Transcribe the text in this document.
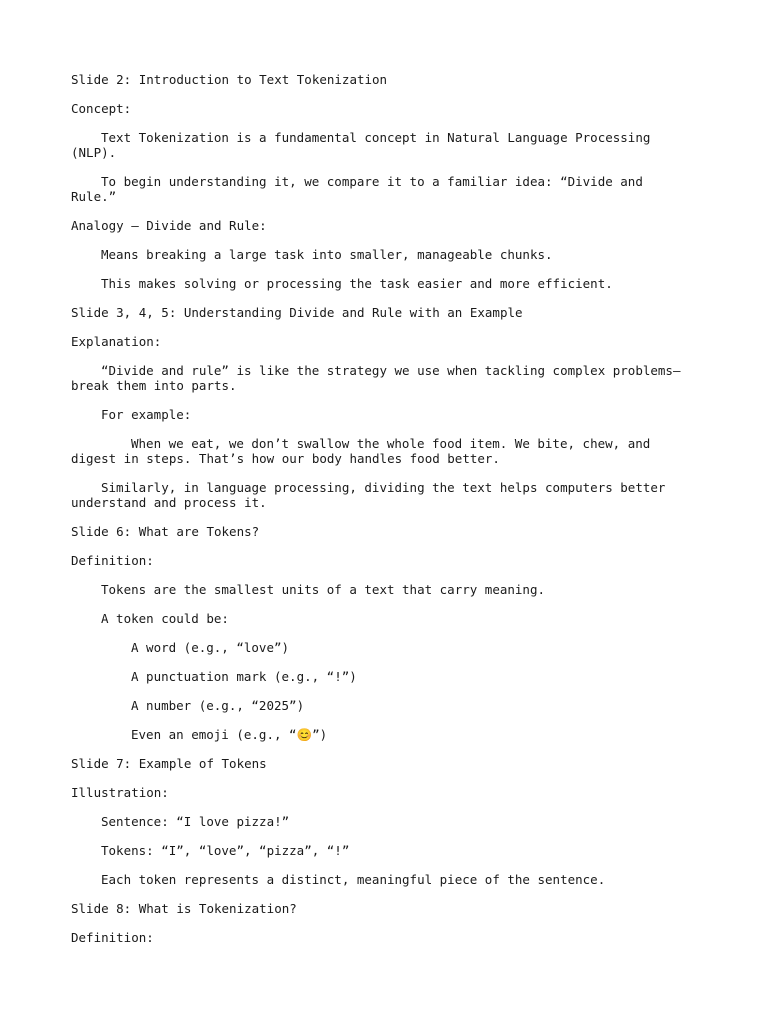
Slide 2: Introduction to Text Tokenization

Concept:

Text Tokenization is a fundamental concept in Natural Language Processing (NLP).

To begin understanding it, we compare it to a familiar idea: “Divide and Rule.”

Analogy – Divide and Rule:

Means breaking a large task into smaller, manageable chunks.

This makes solving or processing the task easier and more efficient.

Slide 3, 4, 5: Understanding Divide and Rule with an Example

Explanation:

“Divide and rule” is like the strategy we use when tackling complex problems—break them into parts.

For example:

When we eat, we don’t swallow the whole food item. We bite, chew, and digest in steps. That’s how our body handles food better.

Similarly, in language processing, dividing the text helps computers better understand and process it.

Slide 6: What are Tokens?

Definition:

Tokens are the smallest units of a text that carry meaning.

A token could be:

A word (e.g., “love”)

A punctuation mark (e.g., “!”)

A number (e.g., “2025”)

Even an emoji (e.g., “😊”)

Slide 7: Example of Tokens

Illustration:

Sentence: “I love pizza!”

Tokens: “I”, “love”, “pizza”, “!”

Each token represents a distinct, meaningful piece of the sentence.

Slide 8: What is Tokenization?

Definition:
